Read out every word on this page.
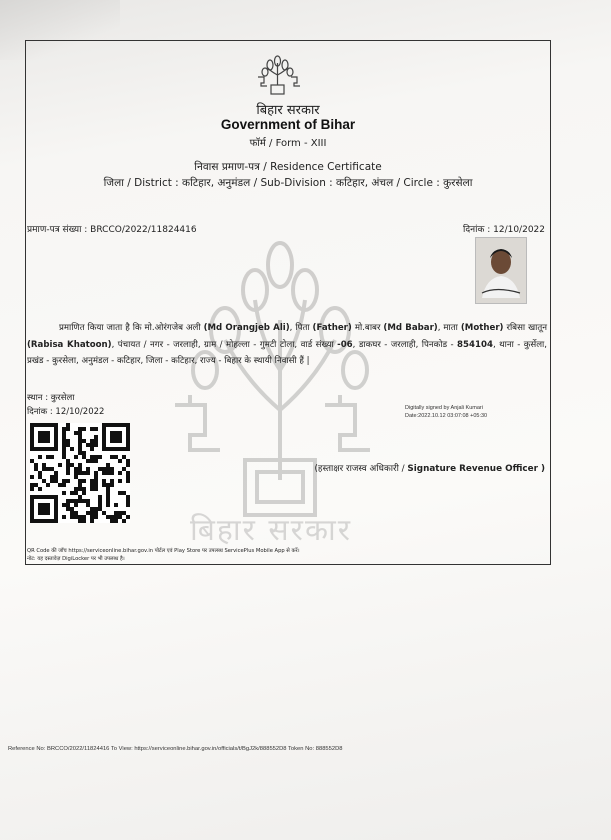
बिहार सरकार
बिहार सरकार
Government of Bihar
फॉर्म / Form - XIII
निवास प्रमाण-पत्र / Residence Certificate
जिला / District : कटिहार, अनुमंडल / Sub-Division : कटिहार, अंचल / Circle : कुरसेला
प्रमाण-पत्र संख्या : BRCCO/2022/11824416	दिनांक : 12/10/2022
प्रमाणित किया जाता है कि मो.ओरंगजेब अली (Md Orangjeb Ali), पिता (Father) मो.बाबर (Md Babar), माता (Mother) रबिसा खातून (Rabisa Khatoon), पंचायत / नगर - जरलाही, ग्राम / मोहल्ला - गुमटी टोला, वार्ड संख्या -06, डाकघर - जरलाही, पिनकोड - 854104, थाना - कुर्सेला, प्रखंड - कुरसेला, अनुमंडल - कटिहार, जिला - कटिहार, राज्य - बिहार के स्थायी निवासी हैं |
स्थान : कुरसेला
दिनांक : 12/10/2022	Digitally signed by Anjali Kumari
Date:2022.10.12 03:07:08 +05:30
(हस्ताक्षर राजस्व अधिकारी / Signature Revenue Officer )
QR Code की जाँच https://serviceonline.bihar.gov.in पोर्टल एवं Play Store पर उपलब्ध ServicePlus Mobile App से करें।
नोट: यह दस्तावेज़ DigiLocker पर भी उपलब्ध है।
Reference No: BRCCO/2022/11824416 To View: https://serviceonline.bihar.gov.in/officials/t/BgJ2k/888552D8 Token No: 888552D8
